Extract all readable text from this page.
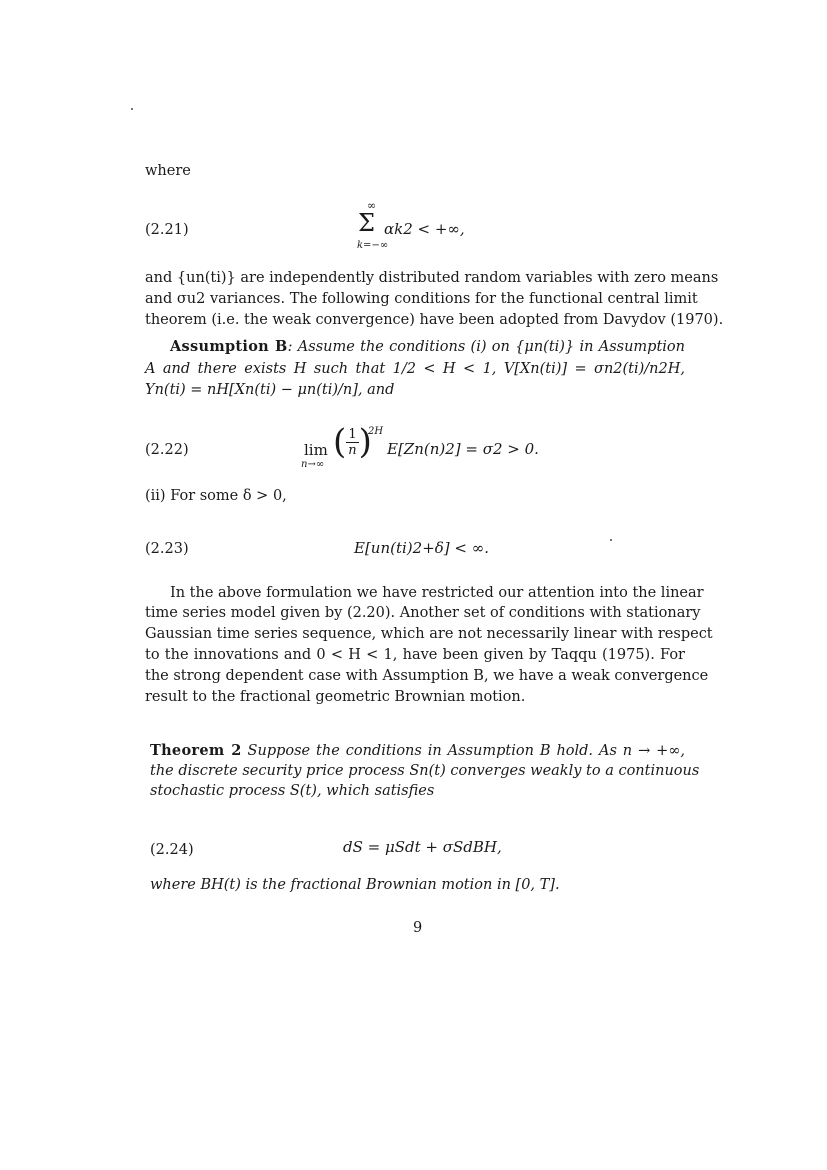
where
(2.21)
∞
Σ
k=−∞
αk2 < +∞,
and {un(ti)} are independently distributed random variables with zero means
and σu2 variances. The following conditions for the functional central limit
theorem (i.e. the weak convergence) have been adopted from Davydov (1970).
Assumption B: Assume the conditions (i) on {μn(ti)} in Assumption
A and there exists H such that 1/2 < H < 1, V[Xn(ti)] = σn2(ti)/n2H,
Yn(ti) = nH[Xn(ti) − μn(ti)/n], and
(2.22)	lim
n→∞
( $\frac{1}{n}$ )
2H
E[Zn(n)2] = σ2 > 0.
(ii) For some δ > 0,
(2.23)	E[un(ti)2+δ] < ∞.
In the above formulation we have restricted our attention into the linear
time series model given by (2.20). Another set of conditions with stationary
Gaussian time series sequence, which are not necessarily linear with respect
to the innovations and 0 < H < 1, have been given by Taqqu (1975). For
the strong dependent case with Assumption B, we have a weak convergence
result to the fractional geometric Brownian motion.
Theorem 2 Suppose the conditions in Assumption B hold. As n → +∞,
the discrete security price process Sn(t) converges weakly to a continuous
stochastic process S(t), which satisfies
(2.24)	dS = μSdt + σSdBH,
where BH(t) is the fractional Brownian motion in [0, T].
9
